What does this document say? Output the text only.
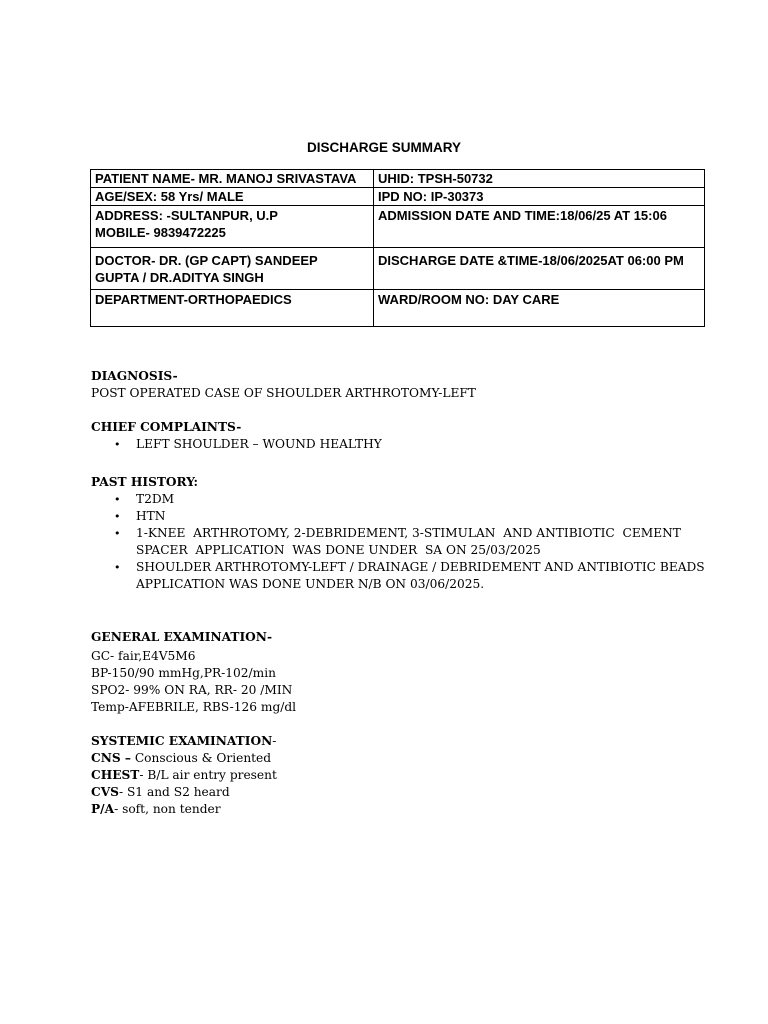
DISCHARGE SUMMARY
PATIENT NAME- MR. MANOJ SRIVASTAVA	UHID: TPSH-50732
AGE/SEX: 58 Yrs/ MALE	IPD NO: IP-30373

ADDRESS: -SULTANPUR, U.P
MOBILE- 9839472225	ADMISSION DATE AND TIME:18/06/25 AT 15:06

DOCTOR- DR. (GP CAPT) SANDEEP
GUPTA / DR.ADITYA SINGH	DISCHARGE DATE &TIME-18/06/2025AT 06:00 PM
DEPARTMENT-ORTHOPAEDICS	WARD/ROOM NO: DAY CARE
DIAGNOSIS-
POST OPERATED CASE OF SHOULDER ARTHROTOMY-LEFT
CHIEF COMPLAINTS-
• LEFT SHOULDER – WOUND HEALTHY
PAST HISTORY:
• T2DM
• HTN
• 1-KNEE  ARTHROTOMY, 2-DEBRIDEMENT, 3-STIMULAN  AND ANTIBIOTIC  CEMENT SPACER  APPLICATION  WAS DONE UNDER  SA ON 25/03/2025
• SHOULDER ARTHROTOMY-LEFT / DRAINAGE / DEBRIDEMENT AND ANTIBIOTIC BEADS APPLICATION WAS DONE UNDER N/B ON 03/06/2025.
GENERAL EXAMINATION-
GC- fair,E4V5M6
BP-150/90 mmHg,PR-102/min
SPO2- 99% ON RA, RR- 20 /MIN
Temp-AFEBRILE, RBS-126 mg/dl
SYSTEMIC EXAMINATION-
CNS – Conscious & Oriented
CHEST- B/L air entry present
CVS- S1 and S2 heard
P/A- soft, non tender
